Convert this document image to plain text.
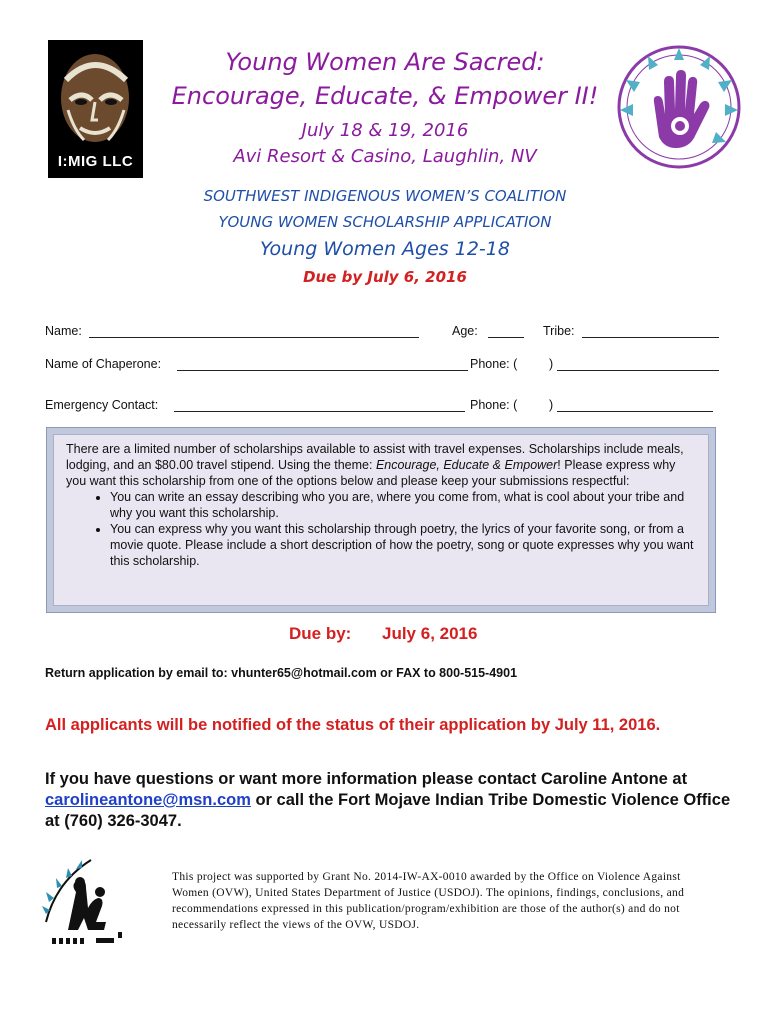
I:MIG LLC
Young Women Are Sacred:
Encourage, Educate, & Empower II!
July 18 & 19, 2016
Avi Resort & Casino, Laughlin, NV
SOUTHWEST INDIGENOUS WOMEN’S COALITION
YOUNG WOMEN SCHOLARSHIP APPLICATION
Young Women Ages 12-18
Due by July 6, 2016
Name:	Age:	Tribe:
Name of Chaperone:	Phone: (	)
Emergency Contact:	Phone: (	)
There are a limited number of scholarships available to assist with travel expenses. Scholarships include meals, lodging, and an $80.00 travel stipend. Using the theme: Encourage, Educate & Empower! Please express why you want this scholarship from one of the options below and please keep your submissions respectful:
• You can write an essay describing who you are, where you come from, what is cool about your tribe and why you want this scholarship.
• You can express why you want this scholarship through poetry, the lyrics of your favorite song, or from a movie quote. Please include a short description of how the poetry, song or quote expresses why you want this scholarship.
Due by: July 6, 2016
Return application by email to: vhunter65@hotmail.com or FAX to 800-515-4901
All applicants will be notified of the status of their application by July 11, 2016.
If you have questions or want more information please contact Caroline Antone at carolineantone@msn.com or call the Fort Mojave Indian Tribe Domestic Violence Office at (760) 326-3047.
This project was supported by Grant No. 2014-IW-AX-0010 awarded by the Office on Violence Against Women (OVW), United States Department of Justice (USDOJ). The opinions, findings, conclusions, and recommendations expressed in this publication/program/exhibition are those of the author(s) and do not necessarily reflect the views of the OVW, USDOJ.
